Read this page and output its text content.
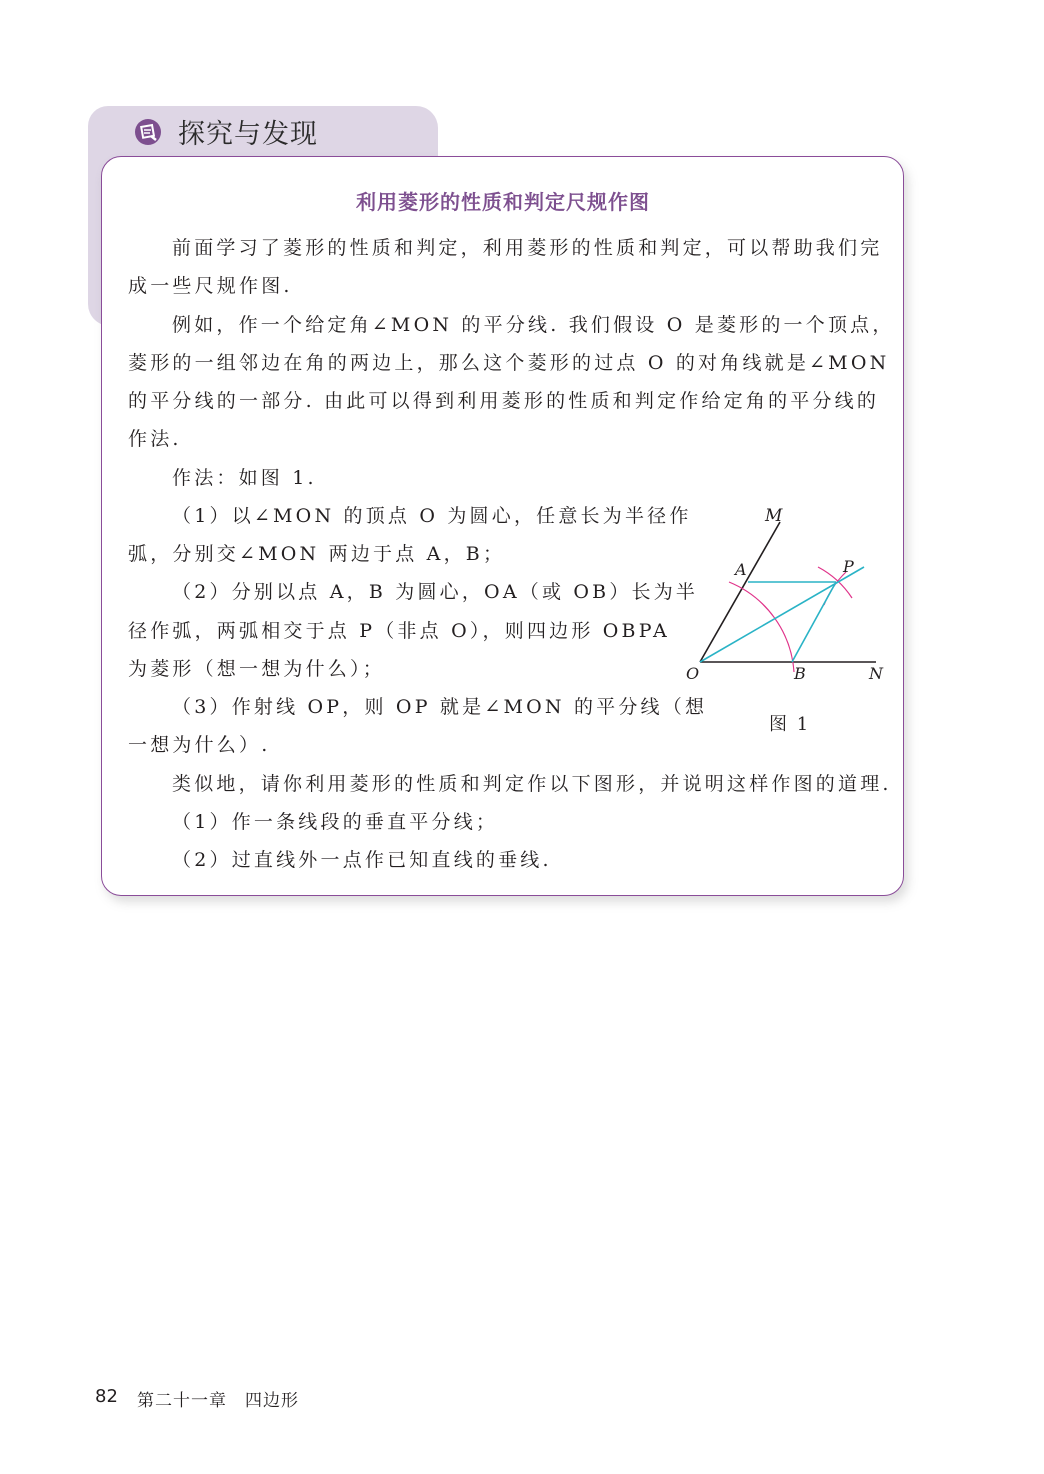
探究与发现
利用菱形的性质和判定尺规作图
前面学习了菱形的性质和判定，利用菱形的性质和判定，可以帮助我们完
成一些尺规作图.
例如，作一个给定角∠MON 的平分线. 我们假设 O 是菱形的一个顶点，
菱形的一组邻边在角的两边上，那么这个菱形的过点 O 的对角线就是∠MON
的平分线的一部分. 由此可以得到利用菱形的性质和判定作给定角的平分线的
作法.
作法：如图 1.
（1）以∠MON 的顶点 O 为圆心，任意长为半径作
弧，分别交∠MON 两边于点 A，B；
（2）分别以点 A，B 为圆心，OA（或 OB）长为半
径作弧，两弧相交于点 P（非点 O），则四边形 OBPA
为菱形（想一想为什么）；
（3）作射线 OP，则 OP 就是∠MON 的平分线（想
一想为什么）.
类似地，请你利用菱形的性质和判定作以下图形，并说明这样作图的道理.
（1）作一条线段的垂直平分线；
（2）过直线外一点作已知直线的垂线.
M
A	P
O	B	N
图 1
82 第二十一章　四边形
